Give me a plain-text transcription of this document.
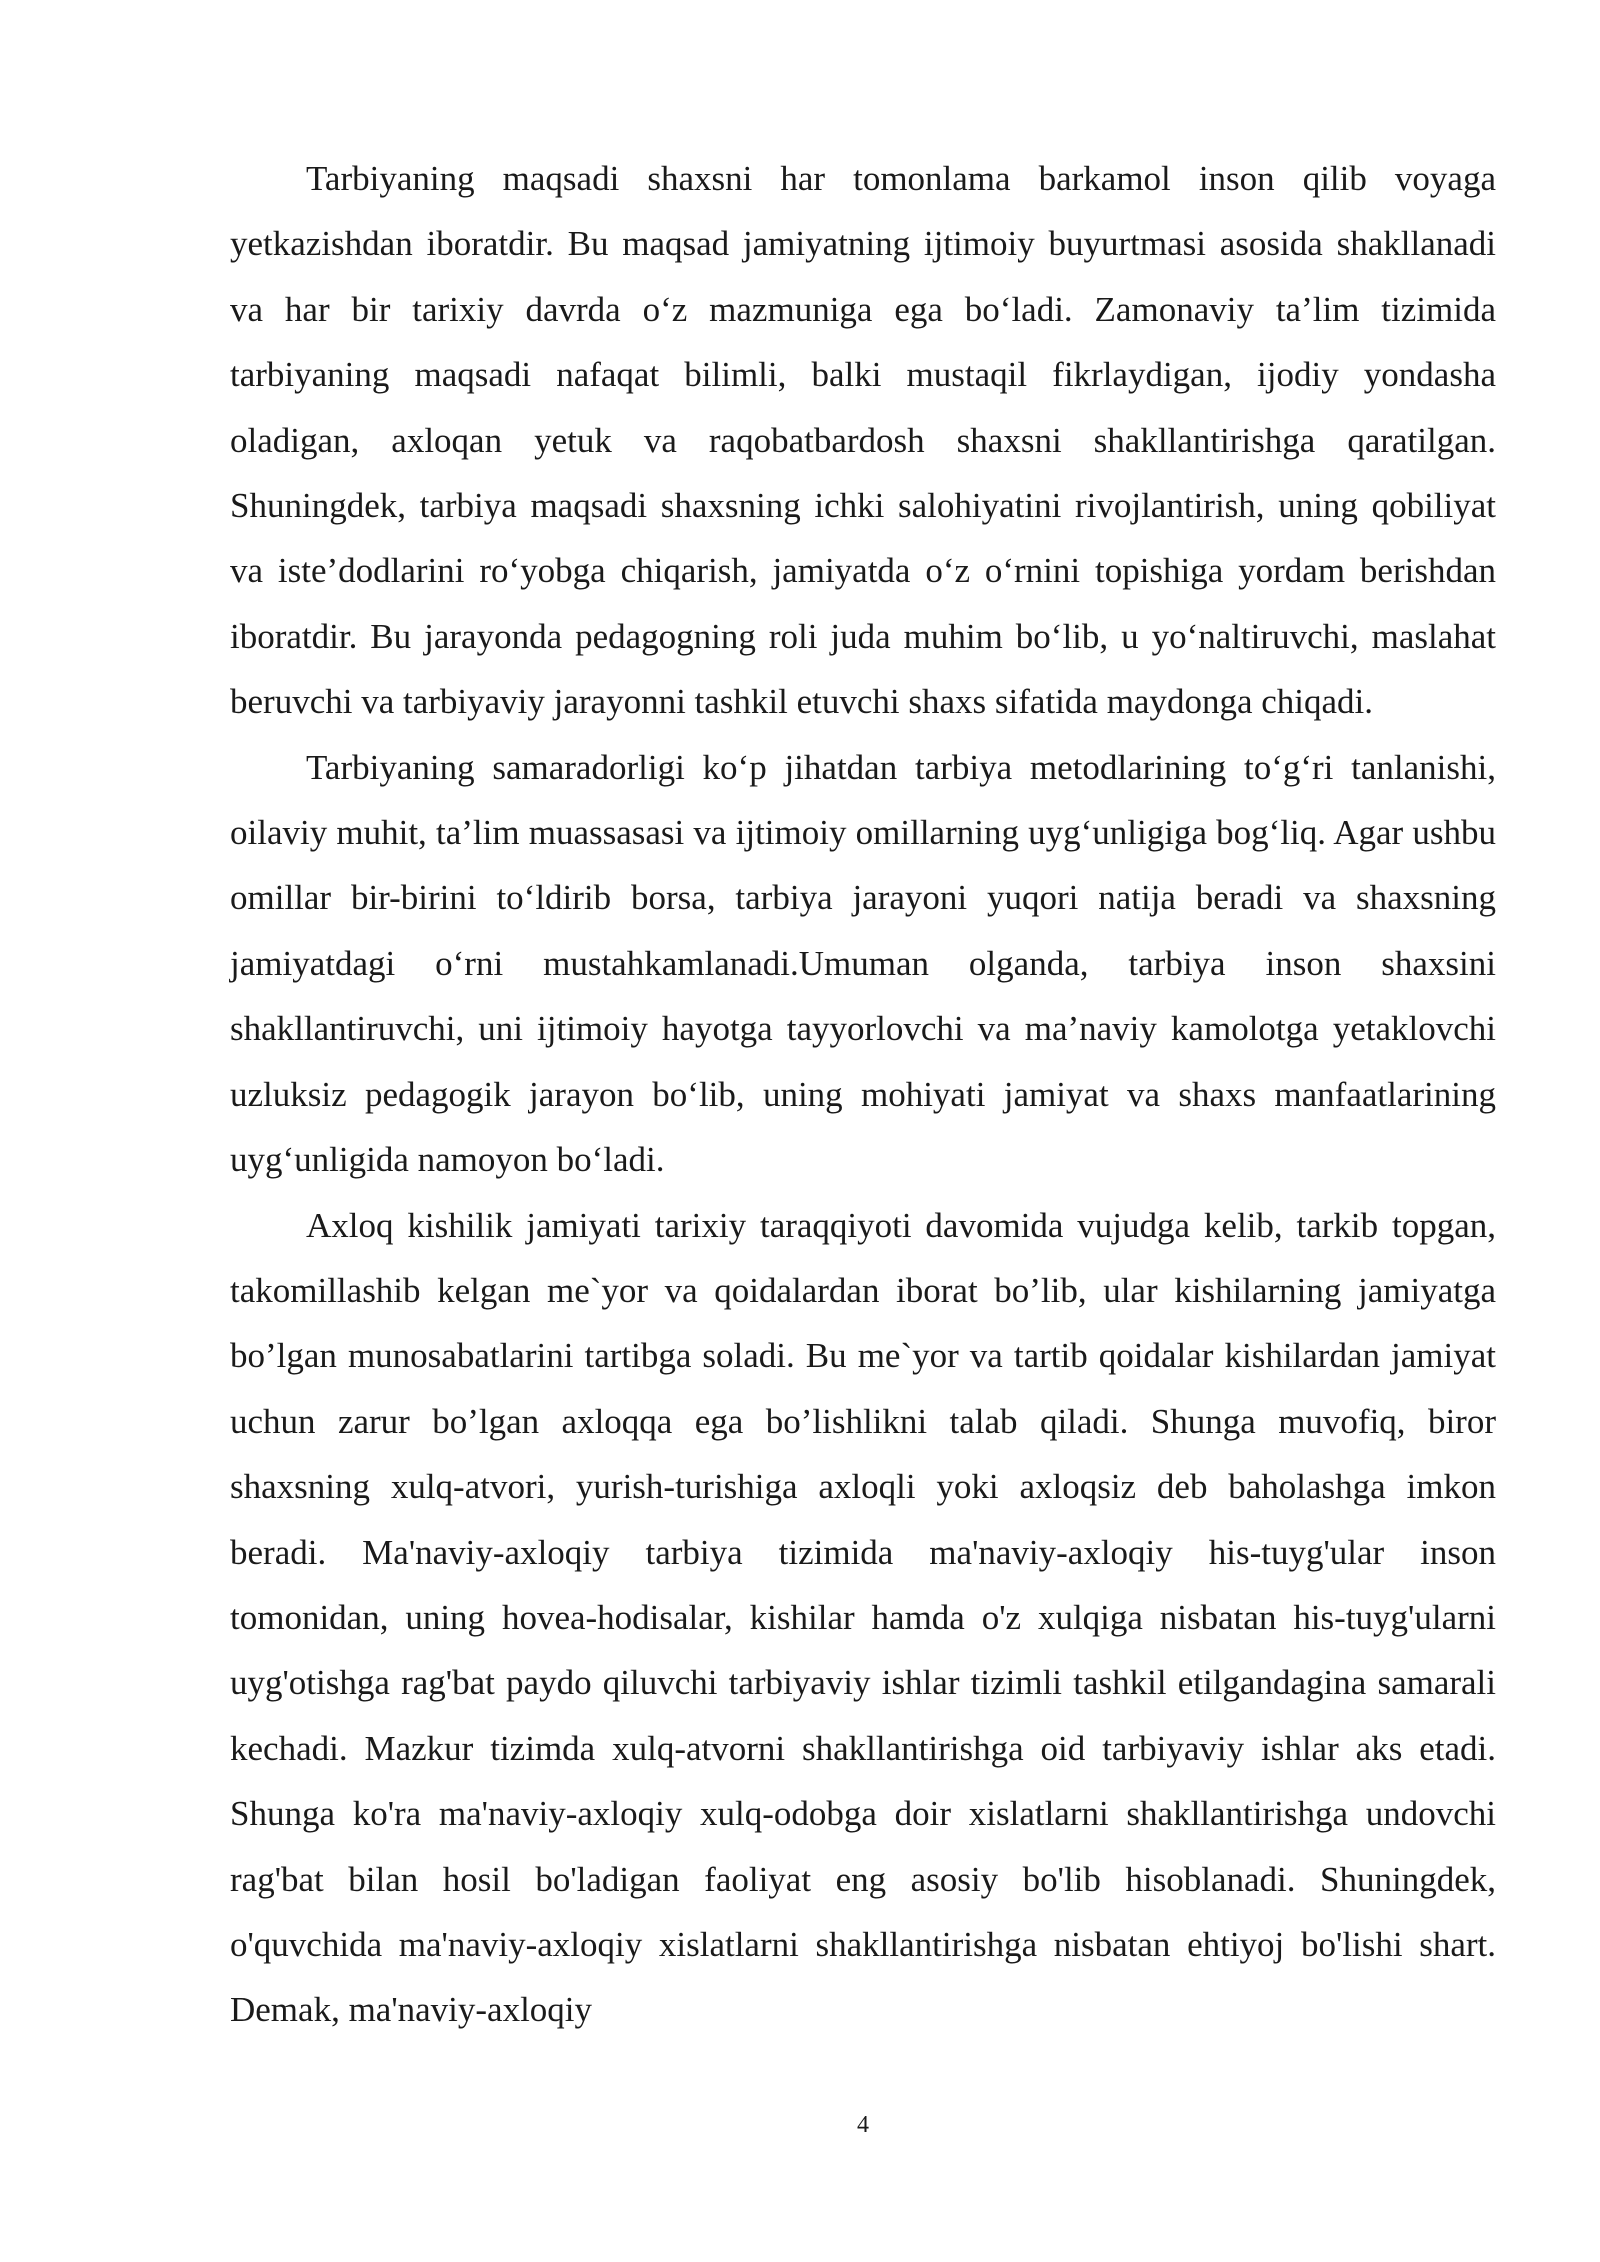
Tarbiyaning maqsadi shaxsni har tomonlama barkamol inson qilib voyaga yetkazishdan iboratdir. Bu maqsad jamiyatning ijtimoiy buyurtmasi asosida shakllanadi va har bir tarixiy davrda o‘z mazmuniga ega bo‘ladi. Zamonaviy ta’lim tizimida tarbiyaning maqsadi nafaqat bilimli, balki mustaqil fikrlaydigan, ijodiy yondasha oladigan, axloqan yetuk va raqobatbardosh shaxsni shakllantirishga qaratilgan. Shuningdek, tarbiya maqsadi shaxsning ichki salohiyatini rivojlantirish, uning qobiliyat va iste’dodlarini ro‘yobga chiqarish, jamiyatda o‘z o‘rnini topishiga yordam berishdan iboratdir. Bu jarayonda pedagogning roli juda muhim bo‘lib, u yo‘naltiruvchi, maslahat beruvchi va tarbiyaviy jarayonni tashkil etuvchi shaxs sifatida maydonga chiqadi.

Tarbiyaning samaradorligi ko‘p jihatdan tarbiya metodlarining to‘g‘ri tanlanishi, oilaviy muhit, ta’lim muassasasi va ijtimoiy omillarning uyg‘unligiga bog‘liq. Agar ushbu omillar bir-birini to‘ldirib borsa, tarbiya jarayoni yuqori natija beradi va shaxsning jamiyatdagi o‘rni mustahkamlanadi.Umuman olganda, tarbiya inson shaxsini shakllantiruvchi, uni ijtimoiy hayotga tayyorlovchi va ma’naviy kamolotga yetaklovchi uzluksiz pedagogik jarayon bo‘lib, uning mohiyati jamiyat va shaxs manfaatlarining uyg‘unligida namoyon bo‘ladi.

Axloq kishilik jamiyati tarixiy taraqqiyoti davomida vujudga kelib, tarkib topgan, takomillashib kelgan me`yor va qoidalardan iborat bo’lib, ular kishilarning jamiyatga bo’lgan munosabatlarini tartibga soladi. Bu me`yor va tartib qoidalar kishilardan jamiyat uchun zarur bo’lgan axloqqa ega bo’lishlikni talab qiladi. Shunga muvofiq, biror shaxsning xulq-atvori, yurish-turishiga axloqli yoki axloqsiz deb baholashga imkon beradi. Ma'naviy-axloqiy tarbiya tizimida ma'naviy-axloqiy his-tuyg'ular inson tomonidan, uning hovea-hodisalar, kishilar hamda o'z xulqiga nisbatan his-tuyg'ularni uyg'otishga rag'bat paydo qiluvchi tarbiyaviy ishlar tizimli tashkil etilgandagina samarali kechadi. Mazkur tizimda xulq-atvorni shakllantirishga oid tarbiyaviy ishlar aks etadi. Shunga ko'ra ma'naviy-axloqiy xulq-odobga doir xislatlarni shakllantirishga undovchi rag'bat bilan hosil bo'ladigan faoliyat eng asosiy bo'lib hisoblanadi. Shuningdek, o'quvchida ma'naviy-axloqiy xislatlarni shakllantirishga nisbatan ehtiyoj bo'lishi shart. Demak, ma'naviy-axloqiy

4
